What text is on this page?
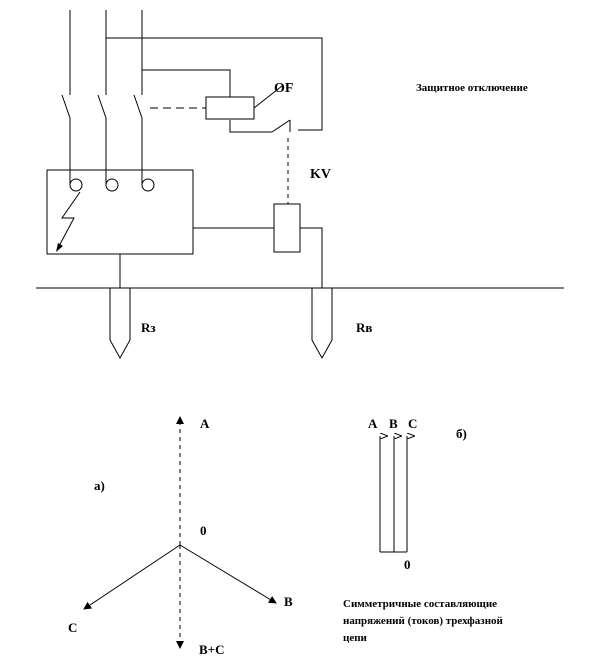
OF
KV
Защитное отключение
Rз	Rв
а)
A
0
B
C
B+C
б)
A B C
0
Симметричные составляющие
напряжений (токов) трехфазной
цепи
